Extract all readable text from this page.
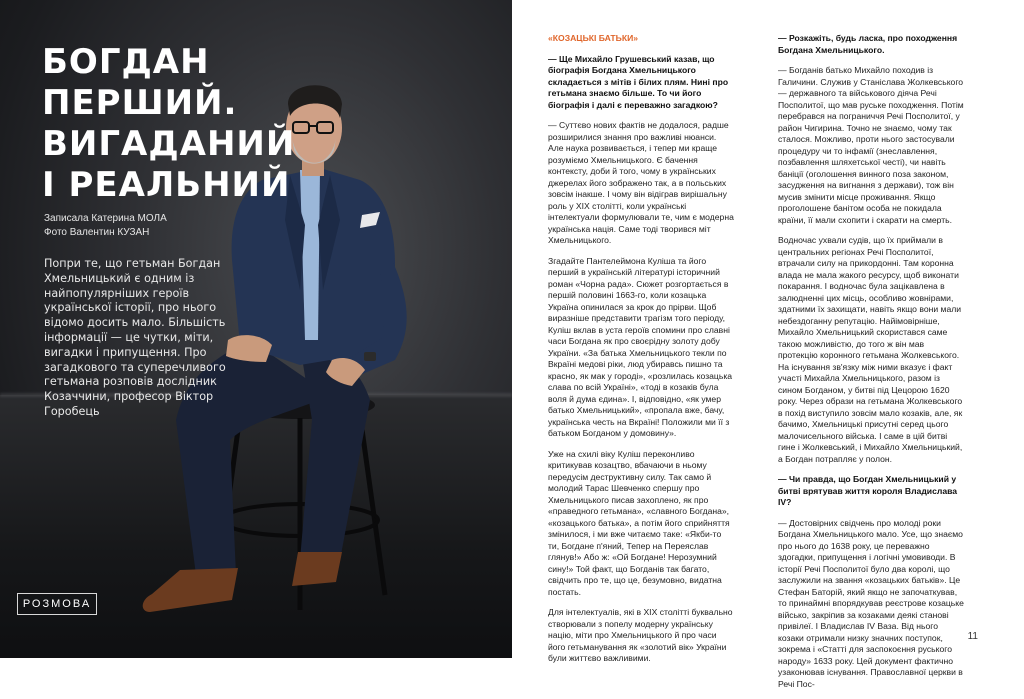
БОГДАН
ПЕРШИЙ.
ВИГАДАНИЙ
І РЕАЛЬНИЙ
Записала Катерина МОЛА
Фото Валентин КУЗАН

Попри те, що гетьман Богдан Хмельницький є одним із найпопулярніших героїв української історії, про нього відомо досить мало. Більшість інформації — це чутки, міти, вигадки і припущення. Про загадкового та суперечливого гетьмана розповів дослідник Козаччини, професор Віктор Горобець

РОЗМОВА
«КОЗАЦЬКІ БАТЬКИ»

— Ще Михайло Грушевський казав, що біографія Богдана Хмельницького складається з мітів і білих плям. Нині про гетьмана знаємо більше. То чи його біографія і далі є переважно загадкою?

— Суттєво нових фактів не додалося, радше розширилися знання про важливі нюанси. Але наука розвивається, і тепер ми краще розуміємо Хмельницького. Є бачення контексту, доби й того, чому в українських джерелах його зображено так, а в польських зовсім інакше. І чому він відіграв вирішальну роль у XIX столітті, коли українські інтелектуали формулювали те, чим є модерна українська нація. Саме тоді творився міт Хмельницького.

Згадайте Пантелеймона Куліша та його перший в українській літературі історичний роман «Чорна рада». Сюжет розгортається в першій половині 1663-го, коли козацька Україна опинилася за крок до прірви. Щоб виразніше представити трагізм того періоду, Куліш вклав в уста героїв спомини про славні часи Богдана як про своєрідну золоту добу України. «За батька Хмельницького текли по Вкраїні медові ріки, люд убиравсь пишно та красно, як мак у городі», «розлилась козацька слава по всій Україні», «тоді в козаків була воля й дума єдина». І, відповідно, «як умер батько Хмельницький», «пропала вже, бачу, українська честь на Вкраїні! Положили ми її з батьком Богданом у домовину».

Уже на схилі віку Куліш переконливо критикував козацтво, вбачаючи в ньому передусім деструктивну силу. Так само й молодий Тарас Шевченко спершу про Хмельницького писав захоплено, як про «праведного гетьмана», «славного Богдана», «козацького батька», а потім його сприйняття змінилося, і ми вже читаємо таке: «Якби-то ти, Богдане п'яний, Тепер на Переяслав глянув!» Або ж: «Ой Богдане! Нерозумний сину!» Той факт, що Богданів так багато, свідчить про те, що це, безумовно, видатна постать.

Для інтелектуалів, які в XIX столітті буквально створювали з попелу модерну українську націю, міти про Хмельницького й про часи його гетьманування як «золотий вік» України були життєво важливими.

— Розкажіть, будь ласка, про походження Богдана Хмельницького.

— Богданів батько Михайло походив із Галичини. Служив у Станіслава Жолкевського — державного та військового діяча Речі Посполитої, що мав руське походження. Потім перебрався на пограниччя Речі Посполитої, у район Чигирина. Точно не знаємо, чому так сталося. Можливо, проти нього застосували процедуру чи то інфамії (знеславлення, позбавлення шляхетської честі), чи навіть баніції (оголошення винного поза законом, засудження на вигнання з держави), тож він мусив змінити місце проживання. Якщо проголошене банітом особа не покидала країни, її мали схопити і скарати на смерть.

Водночас ухвали судів, що їх приймали в центральних регіонах Речі Посполитої, втрачали силу на прикордонні. Там коронна влада не мала жакого ресурсу, щоб виконати покарання. І водночас була зацікавлена в залюдненні цих місць, особливо жовнірами, здатними їх захищати, навіть якщо вони мали небездоганну репутацію. Найімовірніше, Михайло Хмельницький скористався саме такою можливістю, до того ж він мав протекцію коронного гетьмана Жолкевського. На існування зв'язку між ними вказує і факт участі Михайла Хмельницького, разом із сином Богданом, у битві під Цецорою 1620 року. Через образи на гетьмана Жолкевського в похід виступило зовсім мало козаків, але, як бачимо, Хмельницькі присутні серед цього малочисельного війська. І саме в цій битві гине і Жолкевський, і Михайло Хмельницький, а Богдан потрапляє у полон.

— Чи правда, що Богдан Хмельницький у битві врятував життя короля Владислава IV?

— Достовірних свідчень про молоді роки Богдана Хмельницького мало. Усе, що знаємо про нього до 1638 року, це переважно здогадки, припущення і логічні умовиводи. В історії Речі Посполитої було два королі, що заслужили на звання «козацьких батьків». Це Стефан Баторій, який якщо не започаткував, то принаймні впорядкував реєстрове козацьке військо, закріпив за козаками деякі станові привілеї. І Владислав IV Ваза. Від нього козаки отримали низку значних поступок, зокрема і «Статті для заспокоєння руського народу» 1633 року. Цей документ фактично узаконював існування. Православної церкви в Речі Пос-

11
